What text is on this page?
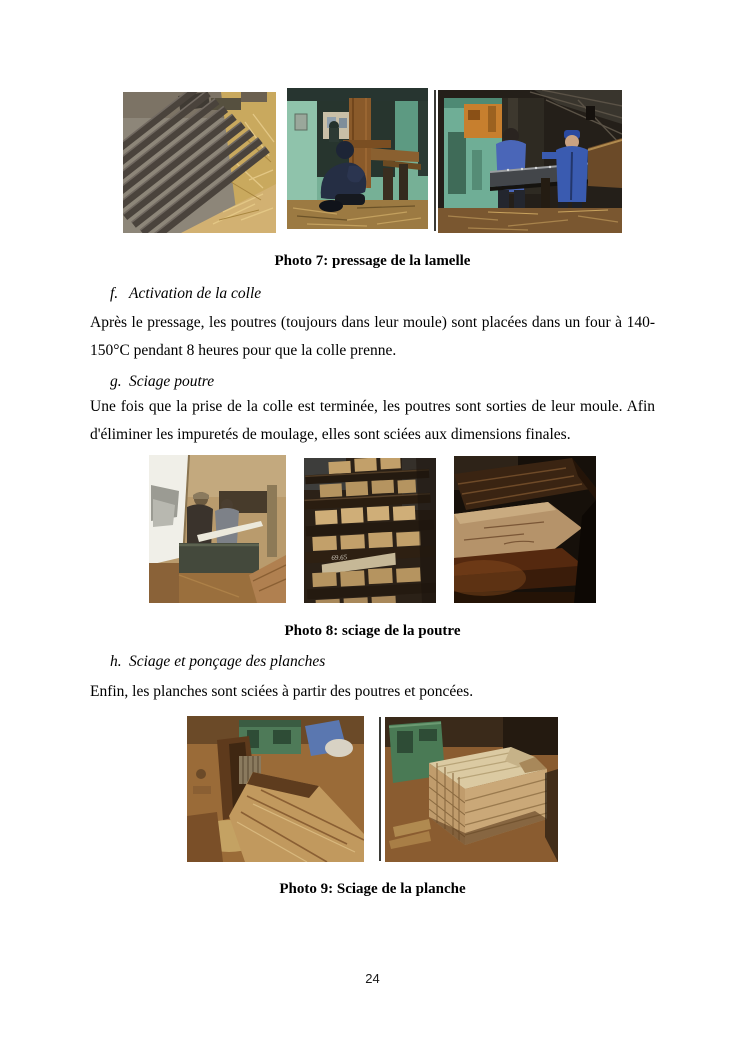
Photo 7: pressage de la lamelle
f. Activation de la colle

Après le pressage, les poutres (toujours dans leur moule) sont placées dans un four à 140-150°C pendant 8 heures pour que la colle prenne.

g. Sciage poutre

Une fois que la prise de la colle est terminée, les poutres sont sorties de leur moule. Afin d'éliminer les impuretés de moulage, elles sont sciées aux dimensions finales.

69.65
Photo 8: sciage de la poutre
h. Sciage et ponçage des planches

Enfin, les planches sont sciées à partir des poutres et poncées.

Photo 9: Sciage de la planche
24
